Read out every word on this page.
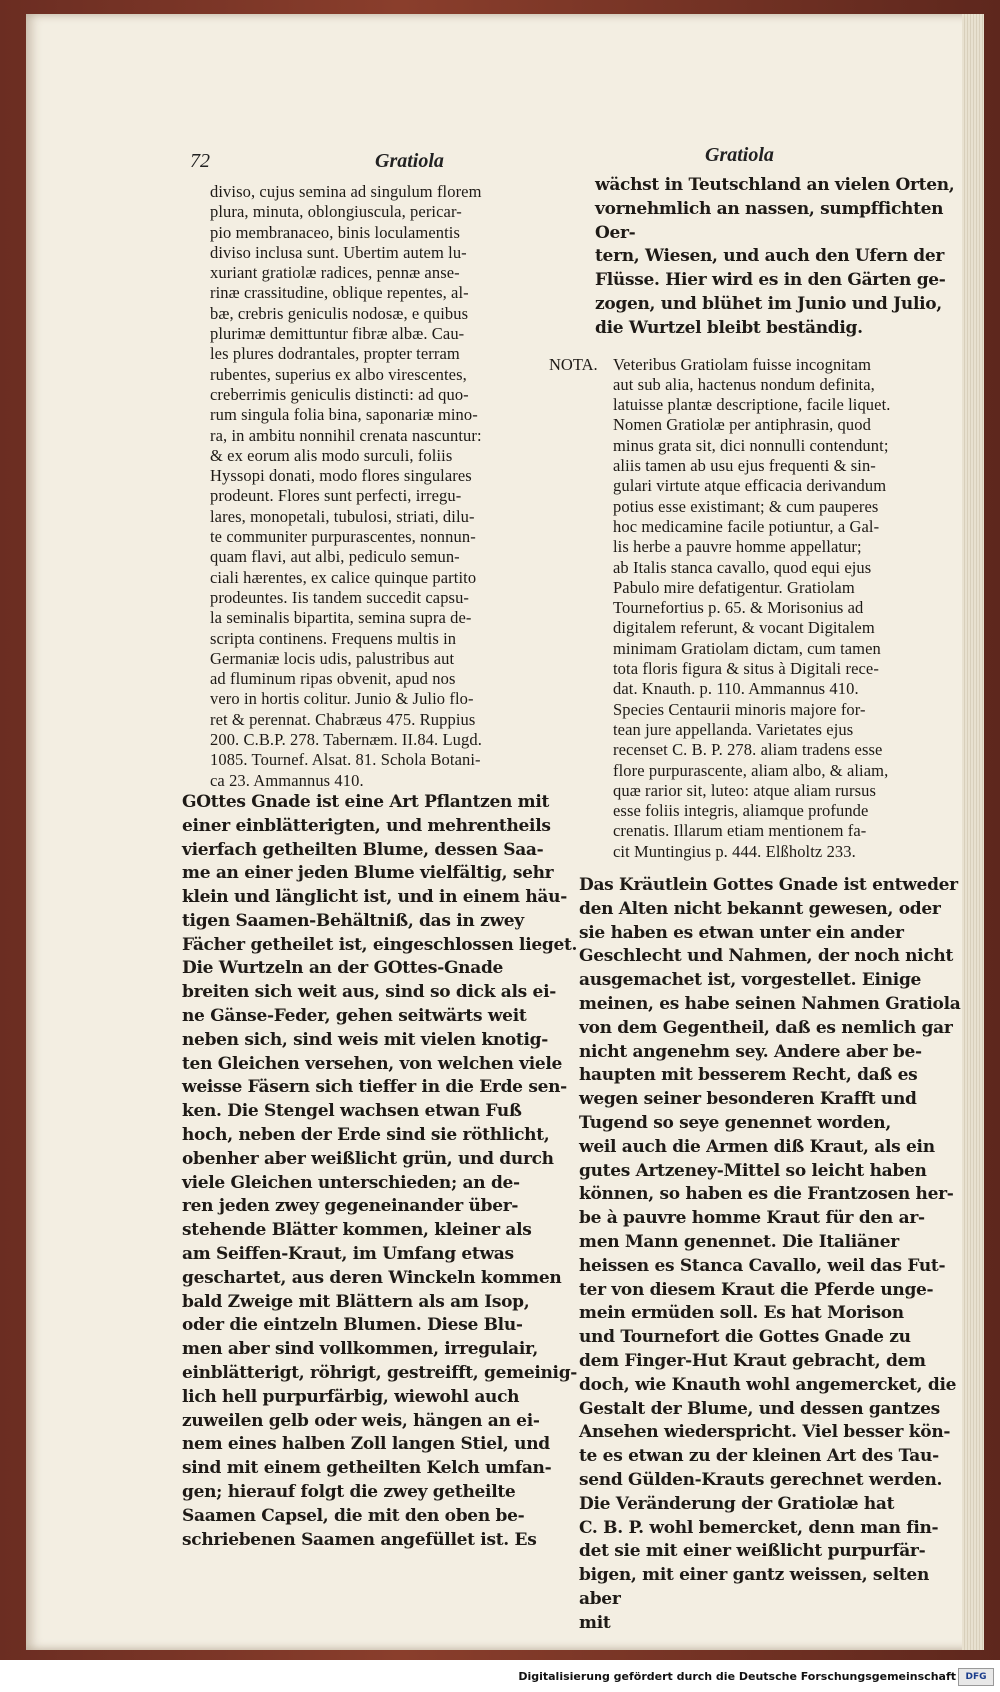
72	Gratiola	Gratiola

diviso, cujus semina ad singulum florem
plura, minuta, oblongiuscula, pericar-
pio membranaceo, binis loculamentis
diviso inclusa sunt. Ubertim autem lu-
xuriant gratiolæ radices, pennæ anse-
rinæ crassitudine, oblique repentes, al-
bæ, crebris geniculis nodosæ, e quibus
plurimæ demittuntur fibræ albæ. Cau-
les plures dodrantales, propter terram
rubentes, superius ex albo virescentes,
creberrimis geniculis distincti: ad quo-
rum singula folia bina, saponariæ mino-
ra, in ambitu nonnihil crenata nascuntur:
& ex eorum alis modo surculi, foliis
Hyssopi donati, modo flores singulares
prodeunt. Flores sunt perfecti, irregu-
lares, monopetali, tubulosi, striati, dilu-
te communiter purpurascentes, nonnun-
quam flavi, aut albi, pediculo semun-
ciali hærentes, ex calice quinque partito
prodeuntes. Iis tandem succedit capsu-
la seminalis bipartita, semina supra de-
scripta continens. Frequens multis in
Germaniæ locis udis, palustribus aut
ad fluminum ripas obvenit, apud nos
vero in hortis colitur. Junio & Julio flo-
ret & perennat. Chabræus 475. Ruppius
200. C.B.P. 278. Tabernæm. II.84. Lugd.
1085. Tournef. Alsat. 81. Schola Botani-
ca 23. Ammannus 410.

GOttes Gnade ist eine Art Pflantzen mit
einer einblätterigten, und mehrentheils
vierfach getheilten Blume, dessen Saa-
me an einer jeden Blume vielfältig, sehr
klein und länglicht ist, und in einem häu-
tigen Saamen-Behältniß, das in zwey
Fächer getheilet ist, eingeschlossen lieget.
Die Wurtzeln an der GOttes-Gnade
breiten sich weit aus, sind so dick als ei-
ne Gänse-Feder, gehen seitwärts weit
neben sich, sind weis mit vielen knotig-
ten Gleichen versehen, von welchen viele
weisse Fäsern sich tieffer in die Erde sen-
ken. Die Stengel wachsen etwan Fuß
hoch, neben der Erde sind sie röthlicht,
obenher aber weißlicht grün, und durch
viele Gleichen unterschieden; an de-
ren jeden zwey gegeneinander über-
stehende Blätter kommen, kleiner als
am Seiffen-Kraut, im Umfang etwas
geschartet, aus deren Winckeln kommen
bald Zweige mit Blättern als am Isop,
oder die eintzeln Blumen. Diese Blu-
men aber sind vollkommen, irregulair,
einblätterigt, röhrigt, gestreifft, gemeinig-
lich hell purpurfärbig, wiewohl auch
zuweilen gelb oder weis, hängen an ei-
nem eines halben Zoll langen Stiel, und
sind mit einem getheilten Kelch umfan-
gen; hierauf folgt die zwey getheilte
Saamen Capsel, die mit den oben be-
schriebenen Saamen angefüllet ist. Es

wächst in Teutschland an vielen Orten,
vornehmlich an nassen, sumpffichten Oer-
tern, Wiesen, und auch den Ufern der
Flüsse. Hier wird es in den Gärten ge-
zogen, und blühet im Junio und Julio,
die Wurtzel bleibt beständig.

NOTA. Veteribus Gratiolam fuisse incognitam
aut sub alia, hactenus nondum definita,
latuisse plantæ descriptione, facile liquet.
Nomen Gratiolæ per antiphrasin, quod
minus grata sit, dici nonnulli contendunt;
aliis tamen ab usu ejus frequenti & sin-
gulari virtute atque efficacia derivandum
potius esse existimant; & cum pauperes
hoc medicamine facile potiuntur, a Gal-
lis herbe a pauvre homme appellatur;
ab Italis stanca cavallo, quod equi ejus
Pabulo mire defatigentur. Gratiolam
Tournefortius p. 65. & Morisonius ad
digitalem referunt, & vocant Digitalem
minimam Gratiolam dictam, cum tamen
tota floris figura & situs à Digitali rece-
dat. Knauth. p. 110. Ammannus 410.
Species Centaurii minoris majore for-
tean jure appellanda. Varietates ejus
recenset C. B. P. 278. aliam tradens esse
flore purpurascente, aliam albo, & aliam,
quæ rarior sit, luteo: atque aliam rursus
esse foliis integris, aliamque profunde
crenatis. Illarum etiam mentionem fa-
cit Muntingius p. 444. Elßholtz 233.

Das Kräutlein Gottes Gnade ist entweder
den Alten nicht bekannt gewesen, oder
sie haben es etwan unter ein ander
Geschlecht und Nahmen, der noch nicht
ausgemachet ist, vorgestellet. Einige
meinen, es habe seinen Nahmen Gratiola
von dem Gegentheil, daß es nemlich gar
nicht angenehm sey. Andere aber be-
haupten mit besserem Recht, daß es
wegen seiner besonderen Krafft und
Tugend so seye genennet worden,
weil auch die Armen diß Kraut, als ein
gutes Artzeney-Mittel so leicht haben
können, so haben es die Frantzosen her-
be à pauvre homme Kraut für den ar-
men Mann genennet. Die Italiäner
heissen es Stanca Cavallo, weil das Fut-
ter von diesem Kraut die Pferde unge-
mein ermüden soll. Es hat Morison
und Tournefort die Gottes Gnade zu
dem Finger-Hut Kraut gebracht, dem
doch, wie Knauth wohl angemercket, die
Gestalt der Blume, und dessen gantzes
Ansehen wiederspricht. Viel besser kön-
te es etwan zu der kleinen Art des Tau-
send Gülden-Krauts gerechnet werden.
Die Veränderung der Gratiolæ hat
C. B. P. wohl bemercket, denn man fin-
det sie mit einer weißlicht purpurfär-
bigen, mit einer gantz weissen, selten aber
mit

Digitalisierung gefördert durch die Deutsche Forschungsgemeinschaft	DFG
